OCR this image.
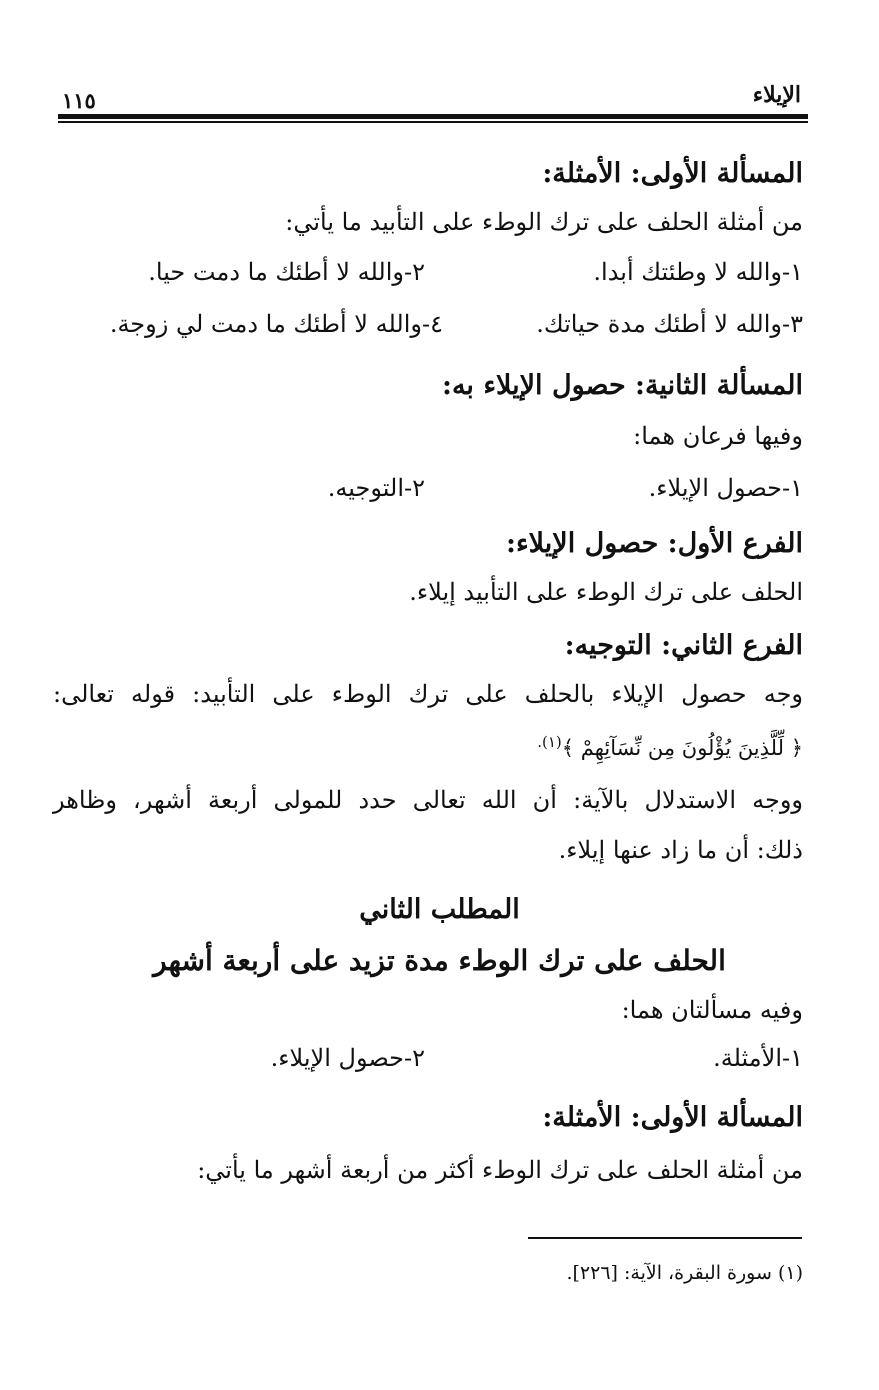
الإيلاء
١١٥
المسألة الأولى: الأمثلة:
من أمثلة الحلف على ترك الوطء على التأبيد ما يأتي:
١-والله لا وطئتك أبدا.
٢-والله لا أطئك ما دمت حيا.
٣-والله لا أطئك مدة حياتك.
٤-والله لا أطئك ما دمت لي زوجة.
المسألة الثانية: حصول الإيلاء به:
وفيها فرعان هما:
١-حصول الإيلاء.
٢-التوجيه.
الفرع الأول: حصول الإيلاء:
الحلف على ترك الوطء على التأبيد إيلاء.
الفرع الثاني: التوجيه:
وجه حصول الإيلاء بالحلف على ترك الوطء على التأبيد: قوله تعالى:
﴿ لِّلَّذِينَ يُؤْلُونَ مِن نِّسَآئِهِمْ ﴾$^{(١).}$
ووجه الاستدلال بالآية: أن الله تعالى حدد للمولى أربعة أشهر، وظاهر
ذلك: أن ما زاد عنها إيلاء.
المطلب الثاني
الحلف على ترك الوطء مدة تزيد على أربعة أشهر
وفيه مسألتان هما:
١-الأمثلة.
٢-حصول الإيلاء.
المسألة الأولى: الأمثلة:
من أمثلة الحلف على ترك الوطء أكثر من أربعة أشهر ما يأتي:
(١) سورة البقرة، الآية: [٢٢٦].
